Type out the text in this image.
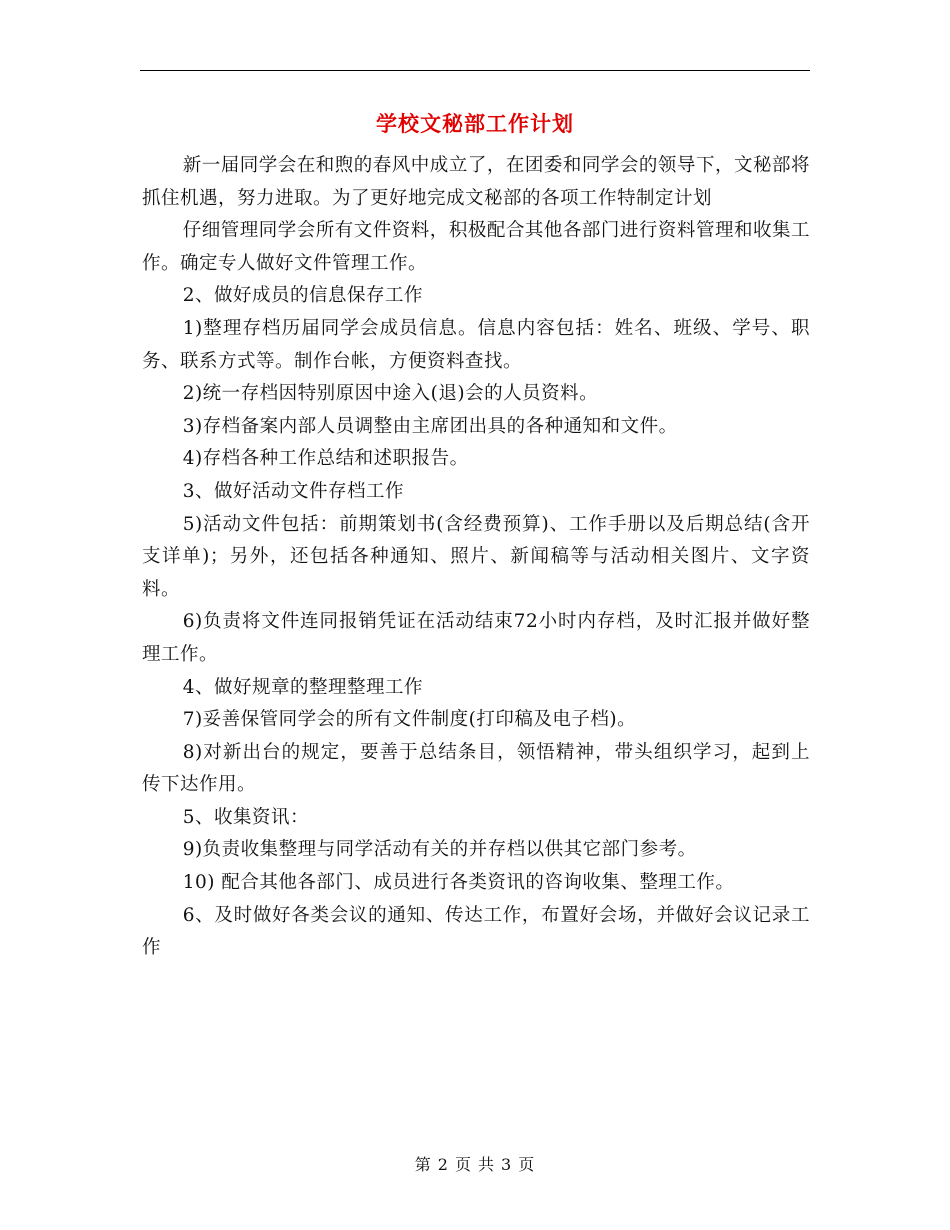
学校文秘部工作计划

新一届同学会在和煦的春风中成立了，在团委和同学会的领导下，文秘部将抓住机遇，努力进取。为了更好地完成文秘部的各项工作特制定计划

仔细管理同学会所有文件资料，积极配合其他各部门进行资料管理和收集工作。确定专人做好文件管理工作。

2、做好成员的信息保存工作

1)整理存档历届同学会成员信息。信息内容包括：姓名、班级、学号、职务、联系方式等。制作台帐，方便资料查找。

2)统一存档因特别原因中途入(退)会的人员资料。

3)存档备案内部人员调整由主席团出具的各种通知和文件。

4)存档各种工作总结和述职报告。

3、做好活动文件存档工作

5)活动文件包括：前期策划书(含经费预算)、工作手册以及后期总结(含开支详单)；另外，还包括各种通知、照片、新闻稿等与活动相关图片、文字资料。

6)负责将文件连同报销凭证在活动结束72小时内存档，及时汇报并做好整理工作。

4、做好规章的整理整理工作

7)妥善保管同学会的所有文件制度(打印稿及电子档)。

8)对新出台的规定，要善于总结条目，领悟精神，带头组织学习，起到上传下达作用。

5、收集资讯：

9)负责收集整理与同学活动有关的并存档以供其它部门参考。

10) 配合其他各部门、成员进行各类资讯的咨询收集、整理工作。

6、及时做好各类会议的通知、传达工作，布置好会场，并做好会议记录工作

第 2 页 共 3 页
